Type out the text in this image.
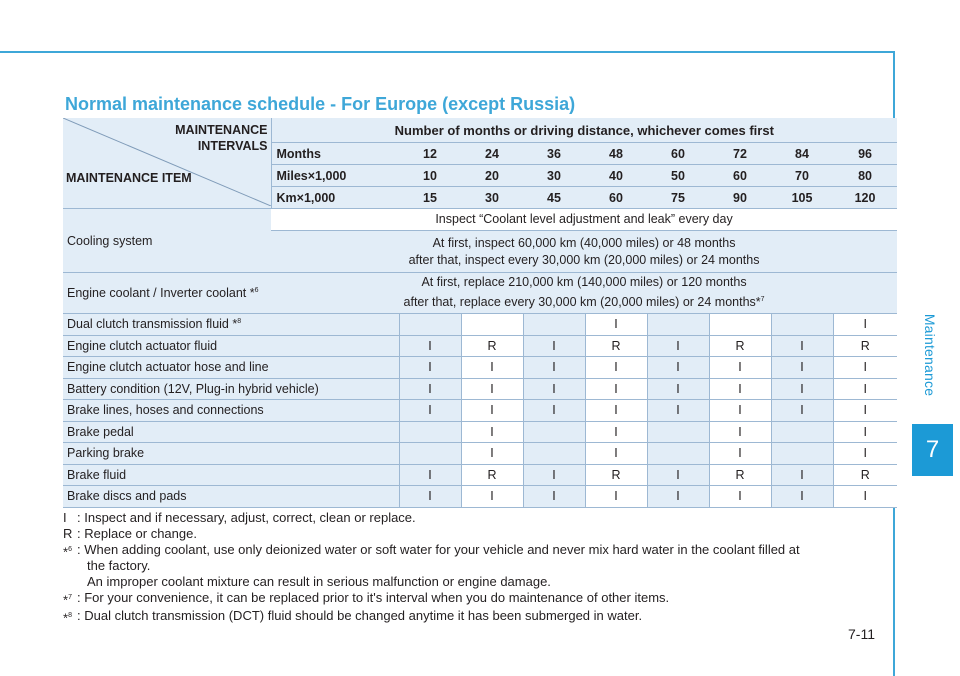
Maintenance
7
Normal maintenance schedule - For Europe (except Russia)
MAINTENANCE INTERVALS
MAINTENANCE ITEM	Number of months or driving distance, whichever comes first								
	Months	12	24	36	48	60	72	84	96
	Miles×1,000	10	20	30	40	50	60	70	80
	Km×1,000	15	30	45	60	75	90	105	120
Cooling system	Inspect “Coolant level adjustment and leak” every day								
	At first, inspect 60,000 km (40,000 miles) or 48 months
after that, inspect every 30,000 km (20,000 miles) or 24 months								
Engine coolant / Inverter coolant *$^6$	At first, replace 210,000 km (140,000 miles) or 120 months
after that, replace every 30,000 km (20,000 miles) or 24 months*$^7$
Dual clutch transmission fluid *$^8$					I				I
Engine clutch actuator fluid		I	R	I	R	I	R	I	R
Engine clutch actuator hose and line		I	I	I	I	I	I	I	I
Battery condition (12V, Plug-in hybrid vehicle)		I	I	I	I	I	I	I	I
Brake lines, hoses and connections		I	I	I	I	I	I	I	I
Brake pedal			I		I		I		I
Parking brake			I		I		I		I
Brake fluid		I	R	I	R	I	R	I	R
Brake discs and pads		I	I	I	I	I	I	I	I
I : Inspect and if necessary, adjust, correct, clean or replace.
R : Replace or change.
*$^6$ : When adding coolant, use only deionized water or soft water for your vehicle and never mix hard water in the coolant filled at
the factory.
An improper coolant mixture can result in serious malfunction or engine damage.
*$^7$ : For your convenience, it can be replaced prior to it's interval when you do maintenance of other items.
*$^8$ : Dual clutch transmission (DCT) fluid should be changed anytime it has been submerged in water.
7-11
